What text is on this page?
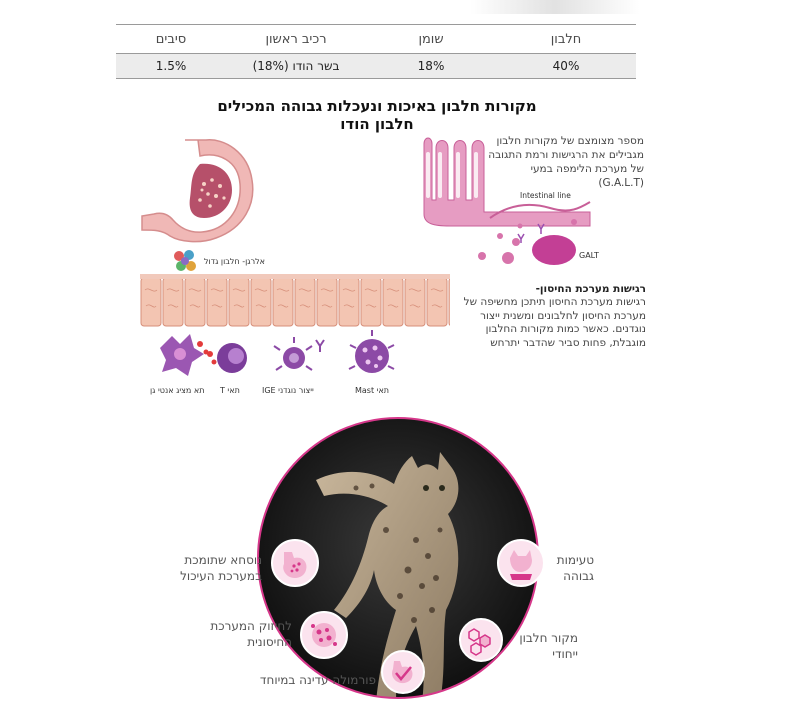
חלבון
שומן
רכיב ראשון
סיבים
40%
18%
בשר הודו (18%)
1.5%
מקורות חלבון באיכות ונעכלות גבוהה המכילים חלבון הודו
אלרגן- חלבון גדול
תא מציג אנטי גן תאי T	ייצור נוגדני IGE	תאי Mast
Intestinal line
GALT
מספר מצומצם של מקורות חלבון מגבילים את הרגישות ורמת התגובה של מערכת הלימפה במעי (G.A.L.T)
רגישות מערכת החיסון-
רגישות מערכת החיסון תיתכן מחשיפה של מערכת החיסון לחלבונים ומשנית ייצור נוגדנים. כאשר כמות מקורות החלבון מוגבלת, פחות סביר שהדבר יתרחש
נוסחא שתומכת במערכת העיכול
לחיזוק המערכת החיסונית
פורמולה עדינה במיוחד
מקור חלבון ייחודי
טעימות גבוהה
